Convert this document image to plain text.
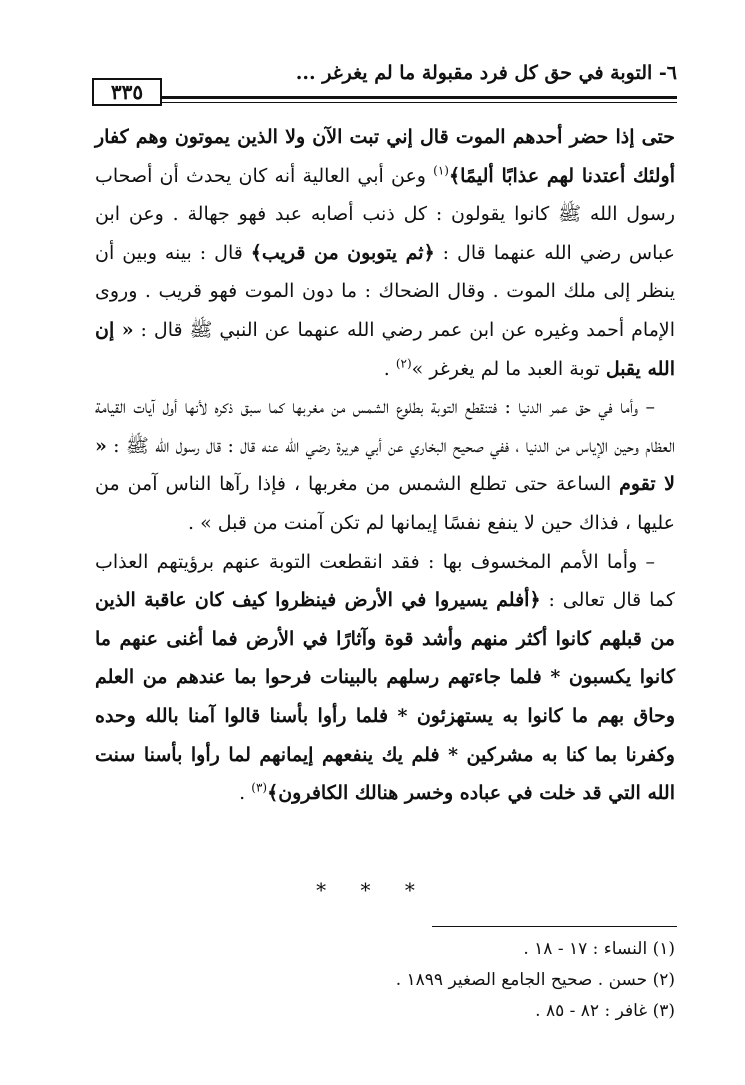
٦- التوبة في حق كل فرد مقبولة ما لم يغرغر ...
٣٣٥

حتى إذا حضر أحدهم الموت قال إني تبت الآن ولا الذين يموتون وهم كفار أولئك أعتدنا لهم عذابًا أليمًا﴾$^{(١)}$ وعن أبي العالية أنه كان يحدث أن أصحاب رسول الله ﷺ كانوا يقولون : كل ذنب أصابه عبد فهو جهالة . وعن ابن عباس رضي الله عنهما قال : ﴿ثم يتوبون من قريب﴾ قال : بينه وبين أن ينظر إلى ملك الموت . وقال الضحاك : ما دون الموت فهو قريب . وروى الإمام أحمد وغيره عن ابن عمر رضي الله عنهما عن النبي ﷺ قال : « إن الله يقبل توبة العبد ما لم يغرغر »$^{(٢)}$ .

– وأما في حق عمر الدنيا : فتنقطع التوبة بطلوع الشمس من مغربها كما سبق ذكره لأنها أول آيات القيامة العظام وحين الإياس من الدنيا ، ففي صحيح البخاري عن أبي هريرة رضي الله عنه قال : قال رسول الله ﷺ : « لا تقوم الساعة حتى تطلع الشمس من مغربها ، فإذا رآها الناس آمن من عليها ، فذاك حين لا ينفع نفسًا إيمانها لم تكن آمنت من قبل » .

– وأما الأمم المخسوف بها : فقد انقطعت التوبة عنهم برؤيتهم العذاب كما قال تعالى : ﴿أفلم يسيروا في الأرض فينظروا كيف كان عاقبة الذين من قبلهم كانوا أكثر منهم وأشد قوة وآثارًا في الأرض فما أغنى عنهم ما كانوا يكسبون * فلما جاءتهم رسلهم بالبينات فرحوا بما عندهم من العلم وحاق بهم ما كانوا به يستهزئون * فلما رأوا بأسنا قالوا آمنا بالله وحده وكفرنا بما كنا به مشركين * فلم يك ينفعهم إيمانهم لما رأوا بأسنا سنت الله التي قد خلت في عباده وخسر هنالك الكافرون﴾$^{(٣)}$ .

* * *
(١) النساء : ١٧ - ١٨ .
(٢) حسن . صحيح الجامع الصغير ١٨٩٩ .
(٣) غافر : ٨٢ - ٨٥ .
